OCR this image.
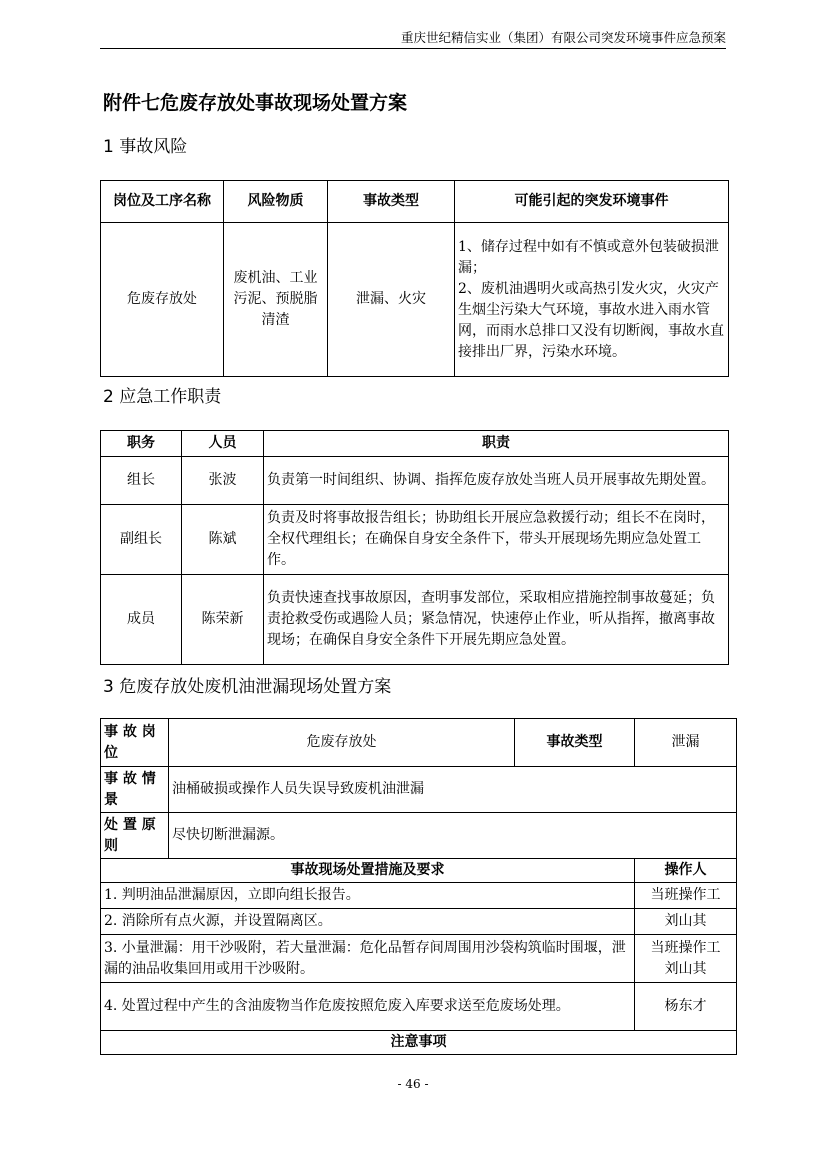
重庆世纪精信实业（集团）有限公司突发环境事件应急预案
附件七危废存放处事故现场处置方案
1 事故风险
岗位及工序名称	风险物质	事故类型	可能引起的突发环境事件
危废存放处	废机油、工业污泥、预脱脂清渣	泄漏、火灾	1、储存过程中如有不慎或意外包装破损泄漏；
2、废机油遇明火或高热引发火灾，火灾产生烟尘污染大气环境，事故水进入雨水管网，而雨水总排口又没有切断阀，事故水直接排出厂界，污染水环境。
2 应急工作职责
职务	人员	职责
组长	张波	负责第一时间组织、协调、指挥危废存放处当班人员开展事故先期处置。
副组长	陈斌	负责及时将事故报告组长；协助组长开展应急救援行动；组长不在岗时，全权代理组长；在确保自身安全条件下，带头开展现场先期应急处置工作。
成员	陈荣新	负责快速查找事故原因，查明事发部位，采取相应措施控制事故蔓延；负责抢救受伤或遇险人员；紧急情况，快速停止作业，听从指挥，撤离事故现场；在确保自身安全条件下开展先期应急处置。
3 危废存放处废机油泄漏现场处置方案
事 故 岗 位	危废存放处	事故类型	泄漏
事 故 情 景	油桶破损或操作人员失误导致废机油泄漏		
处 置 原 则	尽快切断泄漏源。		
事故现场处置措施及要求			操作人
1. 判明油品泄漏原因，立即向组长报告。			当班操作工
2. 消除所有点火源，并设置隔离区。			刘山其
3. 小量泄漏：用干沙吸附，若大量泄漏：危化品暂存间周围用沙袋构筑临时围堰，泄漏的油品收集回用或用干沙吸附。			当班操作工
刘山其

4. 处置过程中产生的含油废物当作危废按照危废入库要求送至危废场处理。			杨东才
注意事项			
- 46 -
